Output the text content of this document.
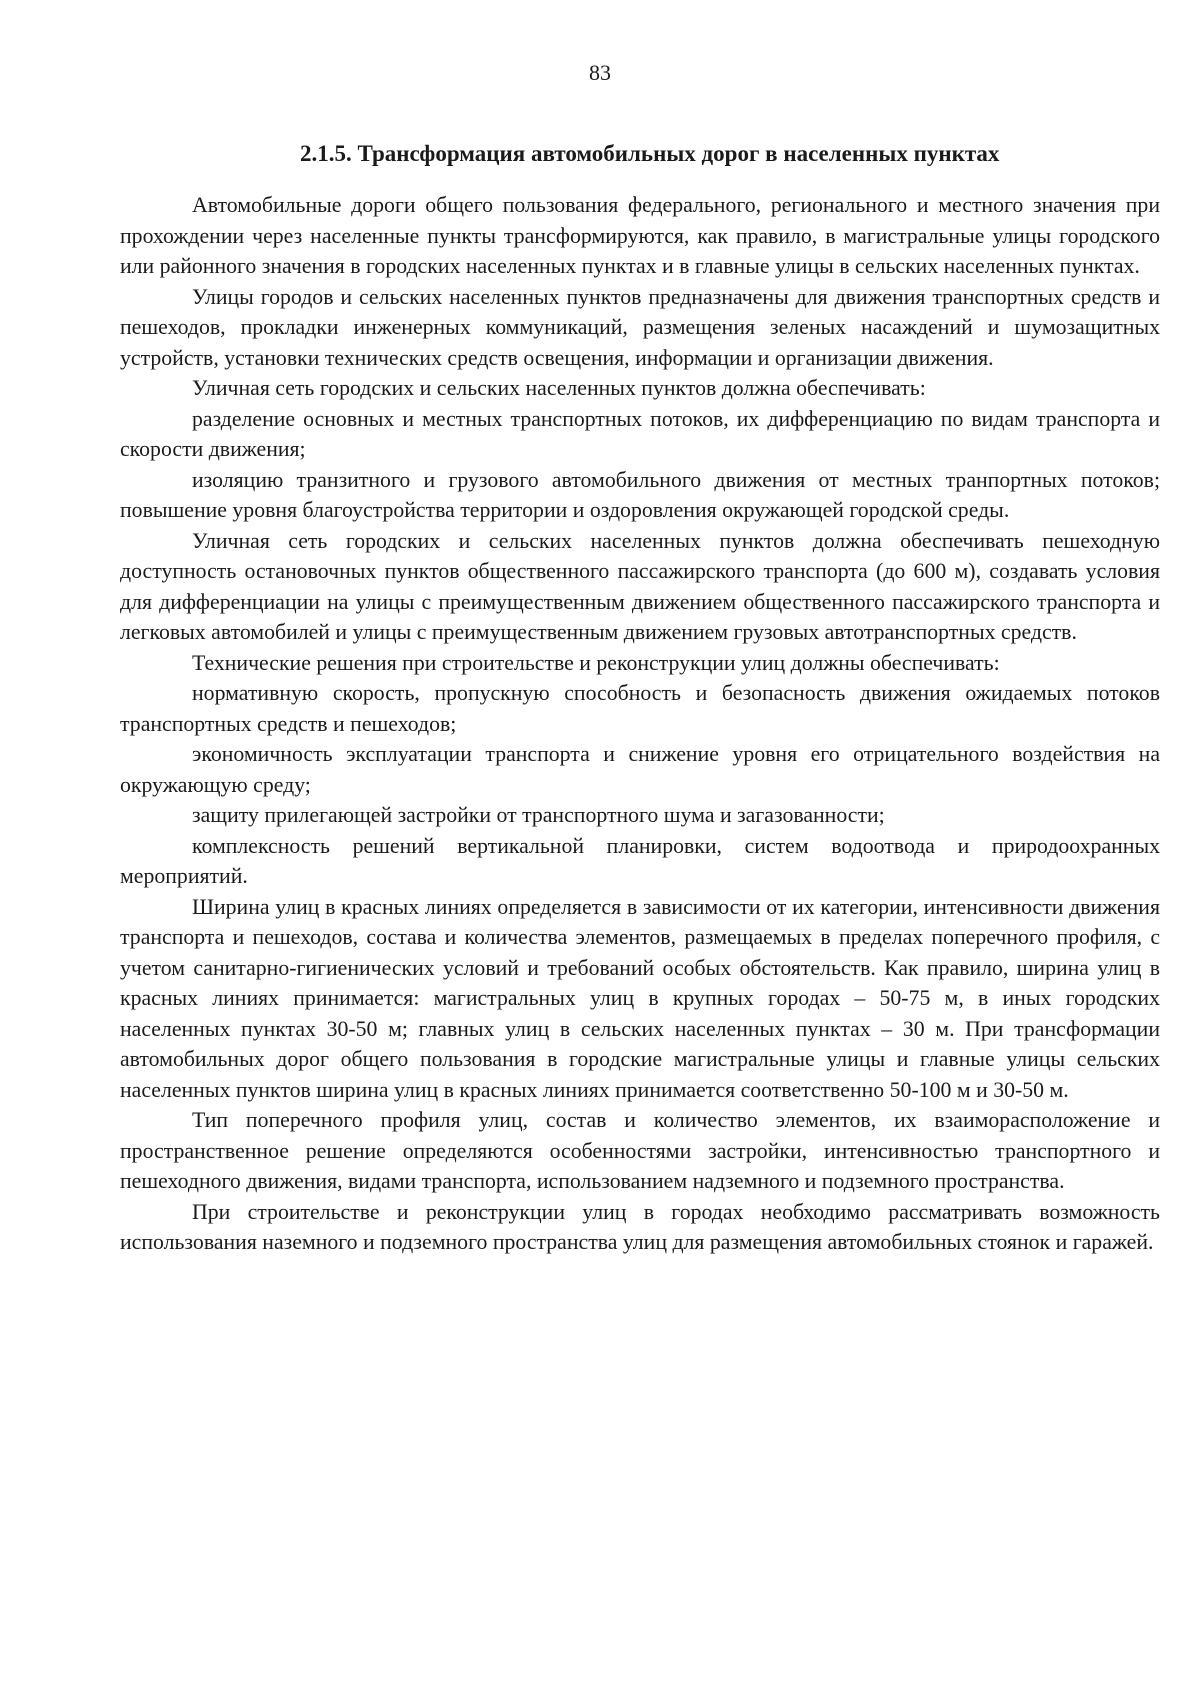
83
2.1.5. Трансформация автомобильных дорог в населенных пунктах

Автомобильные дороги общего пользования федерального, регионального и местного значения при прохождении через населенные пункты трансформируются, как правило, в магистральные улицы городского или районного значения в городских населенных пунктах и в главные улицы в сельских населенных пунктах.

Улицы городов и сельских населенных пунктов предназначены для движения транспортных средств и пешеходов, прокладки инженерных коммуникаций, размещения зеленых насаждений и шумозащитных устройств, установки технических средств освещения, информации и организации движения.

Уличная сеть городских и сельских населенных пунктов должна обеспечивать:

разделение основных и местных транспортных потоков, их дифференциацию по видам транспорта и скорости движения;

изоляцию транзитного и грузового автомобильного движения от местных транпортных потоков; повышение уровня благоустройства территории и оздоровления окружающей городской среды.

Уличная сеть городских и сельских населенных пунктов должна обеспечивать пешеходную доступность остановочных пунктов общественного пассажирского транспорта (до 600 м), создавать условия для дифференциации на улицы с преимущественным движением общественного пассажирского транспорта и легковых автомобилей и улицы с преимущественным движением грузовых автотранспортных средств.

Технические решения при строительстве и реконструкции улиц должны обеспечивать:

нормативную скорость, пропускную способность и безопасность движения ожидаемых потоков транспортных средств и пешеходов;

экономичность эксплуатации транспорта и снижение уровня его отрицательного воздействия на окружающую среду;

защиту прилегающей застройки от транспортного шума и загазованности;

комплексность решений вертикальной планировки, систем водоотвода и природоохранных мероприятий.

Ширина улиц в красных линиях определяется в зависимости от их категории, интенсивности движения транспорта и пешеходов, состава и количества элементов, размещаемых в пределах поперечного профиля, с учетом санитарно-гигиенических условий и требований особых обстоятельств. Как правило, ширина улиц в красных линиях принимается: магистральных улиц в крупных городах – 50-75 м, в иных городских населенных пунктах 30-50 м; главных улиц в сельских населенных пунктах – 30 м. При трансформации автомобильных дорог общего пользования в городские магистральные улицы и главные улицы сельских населенных пунктов ширина улиц в красных линиях принимается соответственно 50-100 м и 30-50 м.

Тип поперечного профиля улиц, состав и количество элементов, их взаиморасположение и пространственное решение определяются особенностями застройки, интенсивностью транспортного и пешеходного движения, видами транспорта, использованием надземного и подземного пространства.

При строительстве и реконструкции улиц в городах необходимо рассматривать возможность использования наземного и подземного пространства улиц для размещения автомобильных стоянок и гаражей.
